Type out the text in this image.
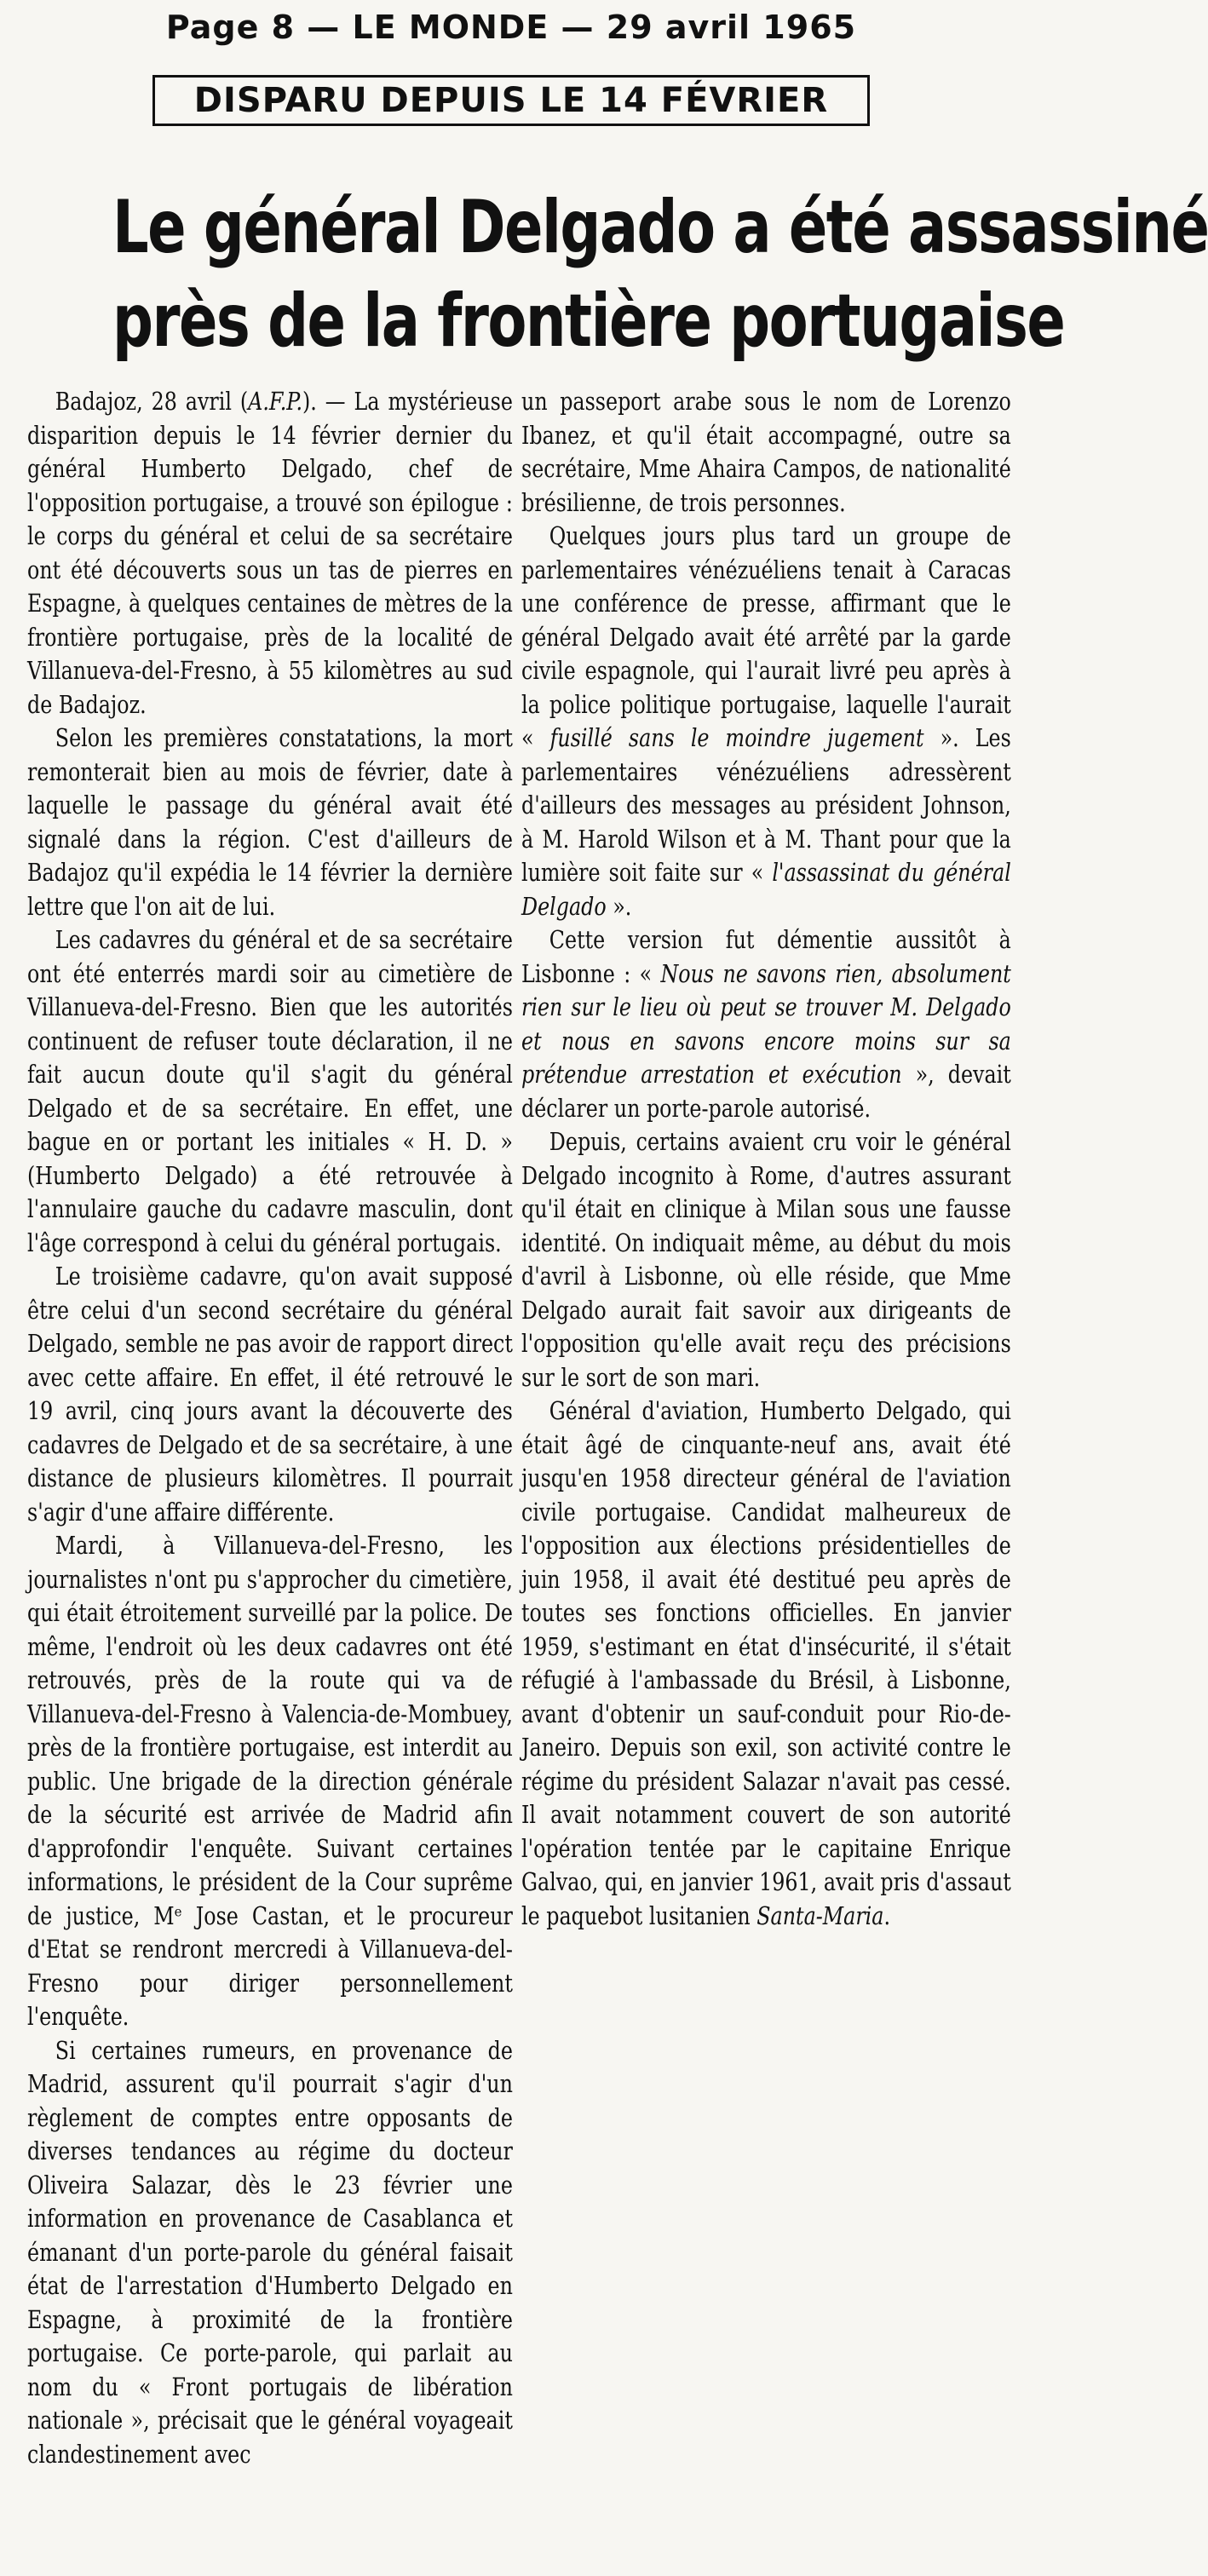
Page 8 — LE MONDE — 29 avril 1965
DISPARU DEPUIS LE 14 FÉVRIER
Le général Delgado a été assassiné
près de la frontière portugaise

Badajoz, 28 avril (A.F.P.). — La mystérieuse disparition depuis le 14 février dernier du général Humberto Delgado, chef de l'opposition portugaise, a trouvé son épilogue : le corps du général et celui de sa secrétaire ont été découverts sous un tas de pierres en Espagne, à quelques centaines de mètres de la frontière portugaise, près de la localité de Villanueva-del-Fresno, à 55 kilomètres au sud de Badajoz.

Selon les premières constatations, la mort remonterait bien au mois de février, date à laquelle le passage du général avait été signalé dans la région. C'est d'ailleurs de Badajoz qu'il expédia le 14 février la dernière lettre que l'on ait de lui.

Les cadavres du général et de sa secrétaire ont été enterrés mardi soir au cimetière de Villanueva-del-Fresno. Bien que les autorités continuent de refuser toute déclaration, il ne fait aucun doute qu'il s'agit du général Delgado et de sa secrétaire. En effet, une bague en or portant les initiales « H. D. » (Humberto Delgado) a été retrouvée à l'annulaire gauche du cadavre masculin, dont l'âge correspond à celui du général portugais.

Le troisième cadavre, qu'on avait supposé être celui d'un second secrétaire du général Delgado, semble ne pas avoir de rapport direct avec cette affaire. En effet, il été retrouvé le 19 avril, cinq jours avant la découverte des cadavres de Delgado et de sa secrétaire, à une distance de plusieurs kilomètres. Il pourrait s'agir d'une affaire différente.

Mardi, à Villanueva-del-Fresno, les journalistes n'ont pu s'approcher du cimetière, qui était étroitement surveillé par la police. De même, l'endroit où les deux cadavres ont été retrouvés, près de la route qui va de Villanueva-del-Fresno à Valencia-de-Mombuey, près de la frontière portugaise, est interdit au public. Une brigade de la direction générale de la sécurité est arrivée de Madrid afin d'approfondir l'enquête. Suivant certaines informations, le président de la Cour suprême de justice, Mᵉ Jose Castan, et le procureur d'Etat se rendront mercredi à Villanueva-del-Fresno pour diriger personnellement l'enquête.

Si certaines rumeurs, en provenance de Madrid, assurent qu'il pourrait s'agir d'un règlement de comptes entre opposants de diverses tendances au régime du docteur Oliveira Salazar, dès le 23 février une information en provenance de Casablanca et émanant d'un porte-parole du général faisait état de l'arrestation d'Humberto Delgado en Espagne, à proximité de la frontière portugaise. Ce porte-parole, qui parlait au nom du « Front portugais de libération nationale », précisait que le général voyageait clandestinement avec

un passeport arabe sous le nom de Lorenzo Ibanez, et qu'il était accompagné, outre sa secrétaire, Mme Ahaira Campos, de nationalité brésilienne, de trois personnes.

Quelques jours plus tard un groupe de parlementaires vénézuéliens tenait à Caracas une conférence de presse, affirmant que le général Delgado avait été arrêté par la garde civile espagnole, qui l'aurait livré peu après à la police politique portugaise, laquelle l'aurait « fusillé sans le moindre jugement ». Les parlementaires vénézuéliens adressèrent d'ailleurs des messages au président Johnson, à M. Harold Wilson et à M. Thant pour que la lumière soit faite sur « l'assassinat du général Delgado ».

Cette version fut démentie aussitôt à Lisbonne : « Nous ne savons rien, absolument rien sur le lieu où peut se trouver M. Delgado et nous en savons encore moins sur sa prétendue arrestation et exécution », devait déclarer un porte-parole autorisé.

Depuis, certains avaient cru voir le général Delgado incognito à Rome, d'autres assurant qu'il était en clinique à Milan sous une fausse identité. On indiquait même, au début du mois d'avril à Lisbonne, où elle réside, que Mme Delgado aurait fait savoir aux dirigeants de l'opposition qu'elle avait reçu des précisions sur le sort de son mari.

Général d'aviation, Humberto Delgado, qui était âgé de cinquante-neuf ans, avait été jusqu'en 1958 directeur général de l'aviation civile portugaise. Candidat malheureux de l'opposition aux élections présidentielles de juin 1958, il avait été destitué peu après de toutes ses fonctions officielles. En janvier 1959, s'estimant en état d'insécurité, il s'était réfugié à l'ambassade du Brésil, à Lisbonne, avant d'obtenir un sauf-conduit pour Rio-de-Janeiro. Depuis son exil, son activité contre le régime du président Salazar n'avait pas cessé. Il avait notamment couvert de son autorité l'opération tentée par le capitaine Enrique Galvao, qui, en janvier 1961, avait pris d'assaut le paquebot lusitanien Santa-Maria.
